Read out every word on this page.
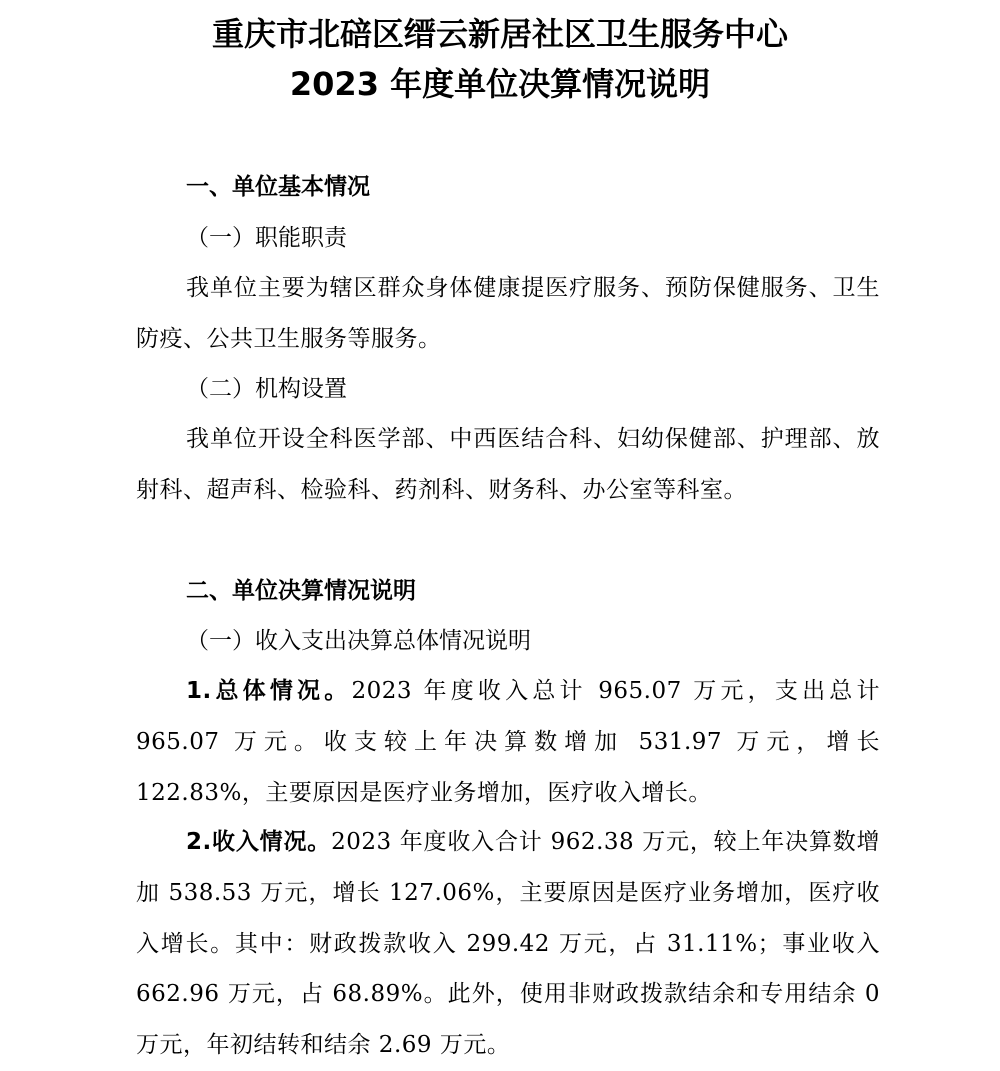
重庆市北碚区缙云新居社区卫生服务中心
2023 年度单位决算情况说明
一、单位基本情况
（一）职能职责
我单位主要为辖区群众身体健康提医疗服务、预防保健服务、卫生防疫、公共卫生服务等服务。
（二）机构设置
我单位开设全科医学部、中西医结合科、妇幼保健部、护理部、放射科、超声科、检验科、药剂科、财务科、办公室等科室。
二、单位决算情况说明
（一）收入支出决算总体情况说明
1.总体情况。2023 年度收入总计 965.07 万元，支出总计 965.07 万元。收支较上年决算数增加 531.97 万元，增长 122.83%，主要原因是医疗业务增加，医疗收入增长。
2.收入情况。2023 年度收入合计 962.38 万元，较上年决算数增加 538.53 万元，增长 127.06%，主要原因是医疗业务增加，医疗收入增长。其中：财政拨款收入 299.42 万元，占 31.11%；事业收入 662.96 万元，占 68.89%。此外，使用非财政拨款结余和专用结余 0 万元，年初结转和结余 2.69 万元。
